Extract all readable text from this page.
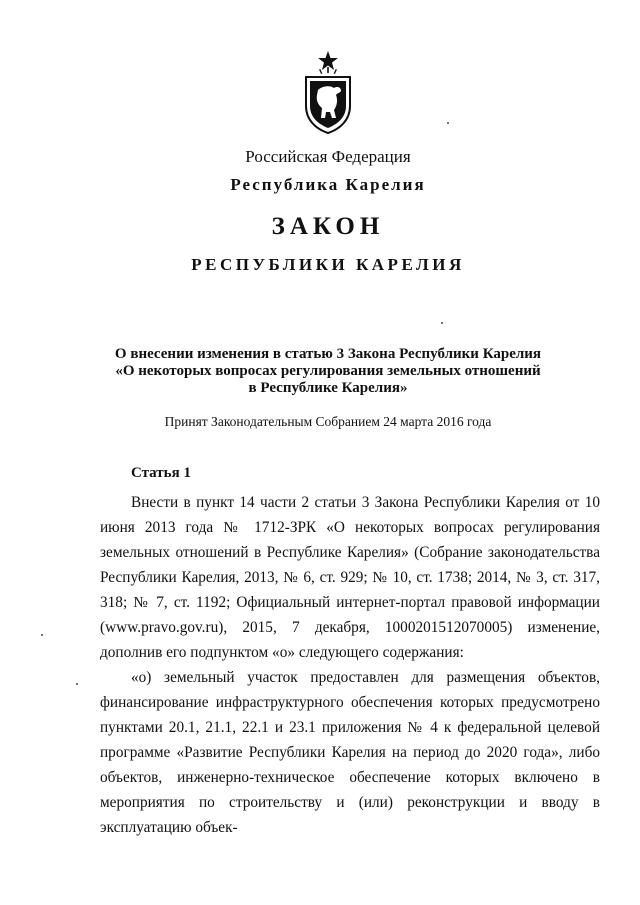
Российская Федерация
Республика Карелия
ЗАКОН
РЕСПУБЛИКИ КАРЕЛИЯ
О внесении изменения в статью 3 Закона Республики Карелия
«О некоторых вопросах регулирования земельных отношений
в Республике Карелия»
Принят Законодательным Собранием 24 марта 2016 года
Статья 1

Внести в пункт 14 части 2 статьи 3 Закона Республики Карелия от 10 июня 2013 года № 1712-ЗРК «О некоторых вопросах регулирования земельных отношений в Республике Карелия» (Собрание законодательства Республики Карелия, 2013, № 6, ст. 929; № 10, ст. 1738; 2014, № 3, ст. 317, 318; № 7, ст. 1192; Официальный интернет-портал правовой информации (www.pravo.gov.ru), 2015, 7 декабря, 1000201512070005) изменение, дополнив его подпунктом «о» следующего содержания:

«о) земельный участок предоставлен для размещения объектов, финансирование инфраструктурного обеспечения которых предусмотрено пунктами 20.1, 21.1, 22.1 и 23.1 приложения № 4 к федеральной целевой программе «Развитие Республики Карелия на период до 2020 года», либо объектов, инженерно-техническое обеспечение которых включено в мероприятия по строительству и (или) реконструкции и вводу в эксплуатацию объек-
